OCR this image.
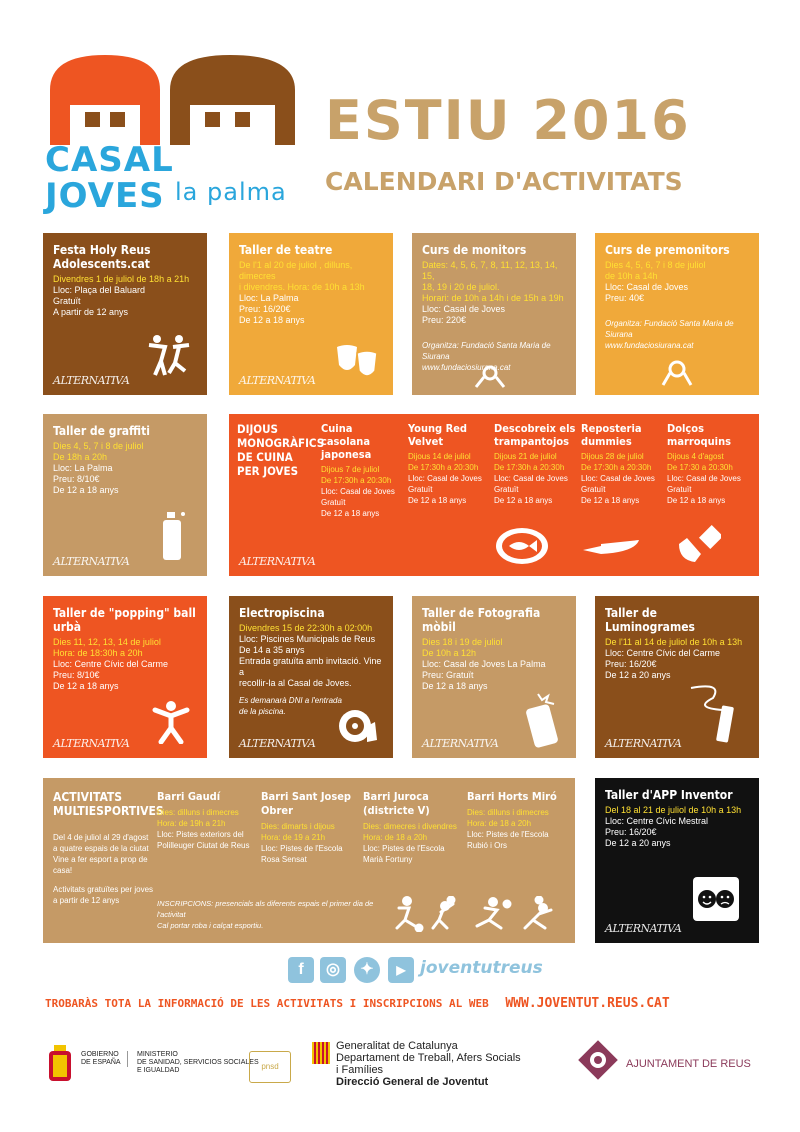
CASAL JOVES la palma
ESTIU 2016
CALENDARI D'ACTIVITATS

Festa Holy Reus Adolescents.cat

Divendres 1 de juliol de 18h a 21h

Lloc: Plaça del Baluard

Gratuït

A partir de 12 anys

ALTERNATIVA

Taller de teatre

De l'1 al 20 de juliol , dilluns, dimecres

i divendres. Hora: de 10h a 13h

Lloc: La Palma

Preu: 16/20€

De 12 a 18 anys

ALTERNATIVA

Curs de monitors

Dates: 4, 5, 6, 7, 8, 11, 12, 13, 14, 15,

18, 19 i 20 de juliol.

Horari: de 10h a 14h i de 15h a 19h

Lloc: Casal de Joves

Preu: 220€

Organitza: Fundació Santa Maria de Siurana

www.fundaciosiurana.cat

Curs de premonitors

Dies 4, 5, 6, 7 i 8 de juliol

de 10h a 14h

Lloc: Casal de Joves

Preu: 40€

Organitza: Fundació Santa Maria de Siurana

www.fundaciosiurana.cat

Taller de graffiti

Dies 4, 5, 7 i 8 de juliol

De 18h a 20h

Lloc: La Palma

Preu: 8/10€

De 12 a 18 anys

ALTERNATIVA

DIJOUS MONOGRÀFICS DE CUINA PER JOVES

Cuina casolana japonesa

Dijous 7 de juliol

De 17:30h a 20:30h

Lloc: Casal de Joves

Gratuït

De 12 a 18 anys

Young Red Velvet

Dijous 14 de juliol

De 17:30h a 20:30h

Lloc: Casal de Joves

Gratuït

De 12 a 18 anys

Descobreix els trampantojos

Dijous 21 de juliol

De 17:30h a 20:30h

Lloc: Casal de Joves

Gratuït

De 12 a 18 anys

Reposteria dummies

Dijous 28 de juliol

De 17:30h a 20:30h

Lloc: Casal de Joves

Gratuït

De 12 a 18 anys

Dolços marroquins

Dijous 4 d'agost

De 17:30 a 20:30h

Lloc: Casal de Joves

Gratuït

De 12 a 18 anys

ALTERNATIVA

Taller de "popping" ball urbà

Dies 11, 12, 13, 14 de juliol

Hora: de 18:30h a 20h

Lloc: Centre Cívic del Carme

Preu: 8/10€

De 12 a 18 anys

ALTERNATIVA

Electropiscina

Divendres 15 de 22:30h a 02:00h

Lloc: Piscines Municipals de Reus

De 14 a 35 anys

Entrada gratuïta amb invitació. Vine a

recollir-la al Casal de Joves.

Es demanarà DNI a l'entrada

de la piscina.

ALTERNATIVA

Taller de Fotografia mòbil

Dies 18 i 19 de juliol

De 10h a 12h

Lloc: Casal de Joves La Palma

Preu: Gratuït

De 12 a 18 anys

ALTERNATIVA

Taller de Luminogrames

De l'11 al 14 de juliol de 10h a 13h

Lloc: Centre Cívic del Carme

Preu: 16/20€

De 12 a 20 anys

ALTERNATIVA

ACTIVITATS MULTIESPORTIVES

Del 4 de juliol al 29 d'agost

a quatre espais de la ciutat

Vine a fer esport a prop de

casa!

Activitats gratuïtes per joves

a partir de 12 anys

Barri Gaudí

Dies: dilluns i dimecres

Hora: de 19h a 21h

Lloc: Pistes exteriors del

Polilleuger Ciutat de Reus

Barri Sant Josep Obrer

Dies: dimarts i dijous

Hora: de 19 a 21h

Lloc: Pistes de l'Escola

Rosa Sensat

Barri Juroca (districte V)

Dies: dimecres i divendres

Hora: de 18 a 20h

Lloc: Pistes de l'Escola

Marià Fortuny

Barri Horts Miró

Dies: dilluns i dimecres

Hora: de 18 a 20h

Lloc: Pistes de l'Escola

Rubió i Ors

INSCRIPCIONS: presencials als diferents espais el primer dia de l'activitat

Cal portar roba i calçat esportiu.

Taller d'APP Inventor

Del 18 al 21 de juliol de 10h a 13h

Lloc: Centre Cívic Mestral

Preu: 16/20€

De 12 a 20 anys

ALTERNATIVA
f	◎	✦	▶ joventutreus
TROBARÀS TOTA LA INFORMACIÓ DE LES ACTIVITATS I INSCRIPCIONS AL WEB WWW.JOVENTUT.REUS.CAT
GOBIERNO
DE ESPAÑA
MINISTERIO
DE SANIDAD, SERVICIOS SOCIALES
E IGUALDAD	pnsd
Generalitat de Catalunya
Departament de Treball, Afers Socials
i Famílies
Direcció General de Joventut
AJUNTAMENT DE REUS
